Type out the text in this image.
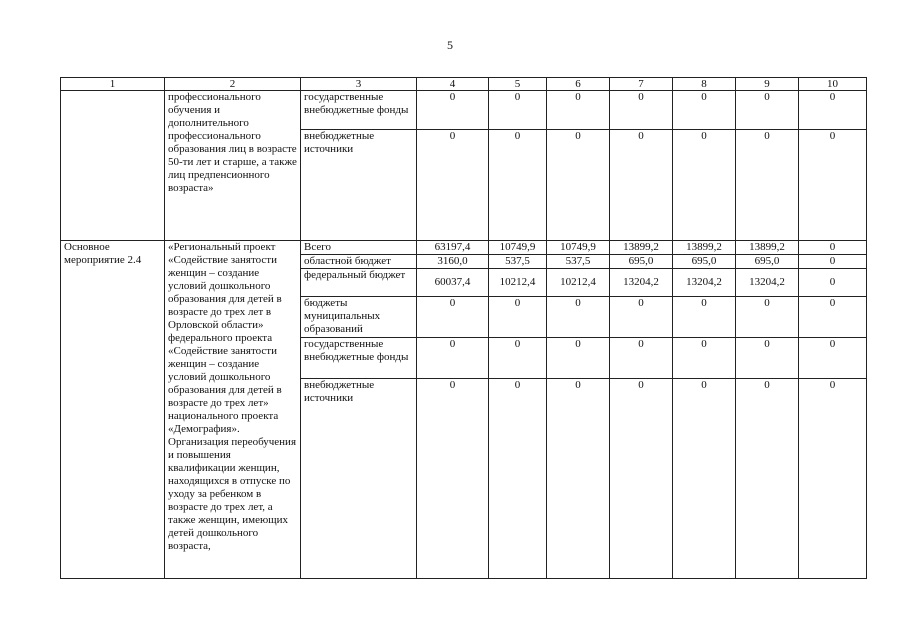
5
1	2	3	4	5	6	7	8	9	10
	профессионального обучения и дополнительного профессионального образования лиц в возрасте 50-ти лет и старше, а также лиц предпенсионного возраста»	государственные внебюджетные фонды	0	0	0	0	0	0	0
		внебюджетные источники	0	0	0	0	0	0	0
Основное мероприятие 2.4	«Региональный проект «Содействие занятости женщин – создание условий дошкольного образования для детей в возрасте до трех лет в Орловской области» федерального проекта «Содействие занятости женщин – создание условий дошкольного образования для детей в возрасте до трех лет» национального проекта «Демография». Организация переобучения и повышения квалификации женщин, находящихся в отпуске по уходу за ребенком в возрасте до трех лет, а также женщин, имеющих детей дошкольного возраста,	Всего	63197,4	10749,9	10749,9	13899,2	13899,2	13899,2	0
		областной бюджет	3160,0	537,5	537,5	695,0	695,0	695,0	0
		федеральный бюджет	60037,4	10212,4	10212,4	13204,2	13204,2	13204,2	0
		бюджеты муниципальных образований	0	0	0	0	0	0	0
		государственные внебюджетные фонды	0	0	0	0	0	0	0
		внебюджетные источники	0	0	0	0	0	0	0
